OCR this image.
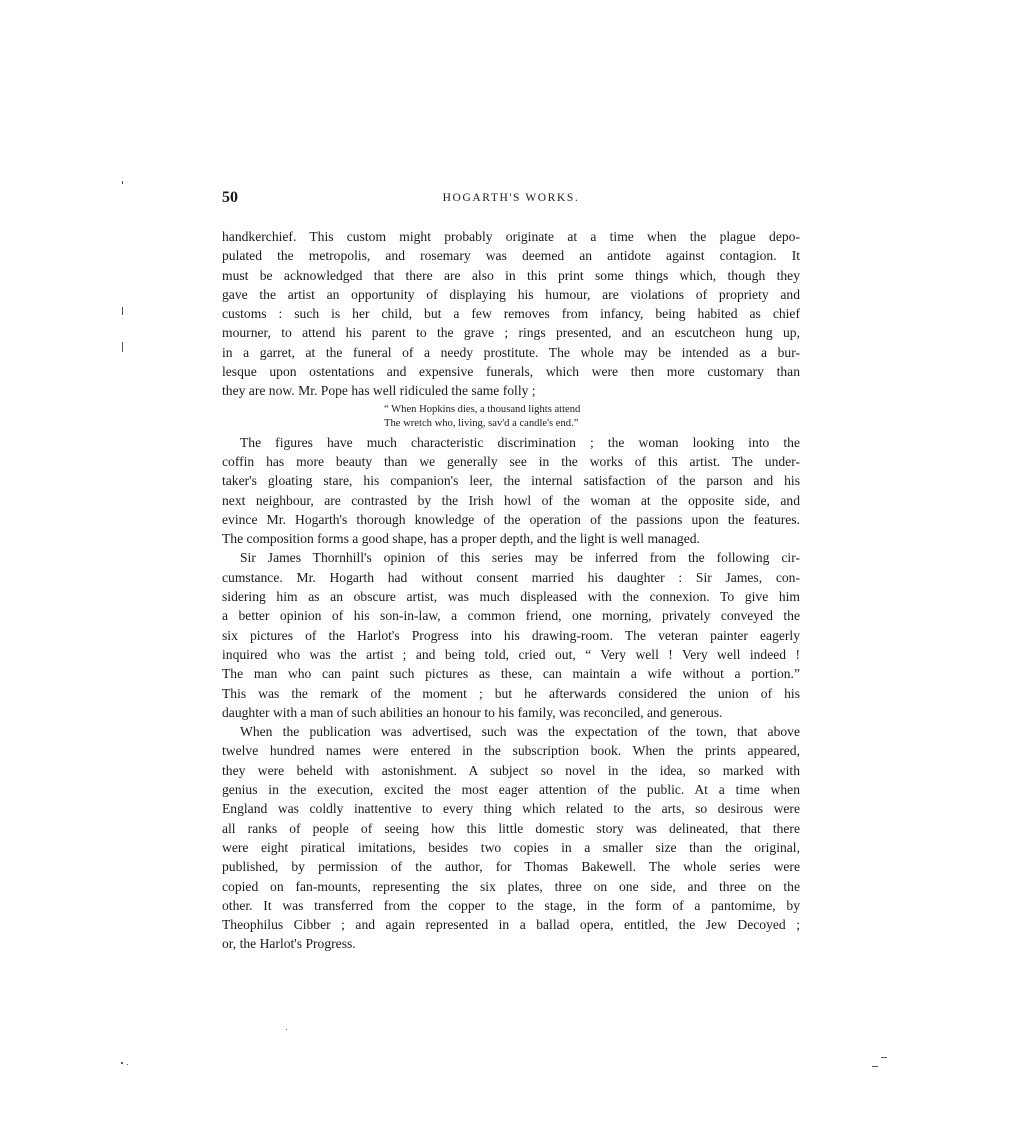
50	HOGARTH'S WORKS.
handkerchief. This custom might probably originate at a time when the plague depo-
pulated the metropolis, and rosemary was deemed an antidote against contagion. It
must be acknowledged that there are also in this print some things which, though they
gave the artist an opportunity of displaying his humour, are violations of propriety and
customs : such is her child, but a few removes from infancy, being habited as chief
mourner, to attend his parent to the grave ; rings presented, and an escutcheon hung up,
in a garret, at the funeral of a needy prostitute. The whole may be intended as a bur-
lesque upon ostentations and expensive funerals, which were then more customary than
they are now. Mr. Pope has well ridiculed the same folly ;
“ When Hopkins dies, a thousand lights attend
The wretch who, living, sav'd a candle's end.”
The figures have much characteristic discrimination ; the woman looking into the
coffin has more beauty than we generally see in the works of this artist. The under-
taker's gloating stare, his companion's leer, the internal satisfaction of the parson and his
next neighbour, are contrasted by the Irish howl of the woman at the opposite side, and
evince Mr. Hogarth's thorough knowledge of the operation of the passions upon the features.
The composition forms a good shape, has a proper depth, and the light is well managed.
Sir James Thornhill's opinion of this series may be inferred from the following cir-
cumstance. Mr. Hogarth had without consent married his daughter : Sir James, con-
sidering him as an obscure artist, was much displeased with the connexion. To give him
a better opinion of his son-in-law, a common friend, one morning, privately conveyed the
six pictures of the Harlot's Progress into his drawing-room. The veteran painter eagerly
inquired who was the artist ; and being told, cried out, “ Very well ! Very well indeed !
The man who can paint such pictures as these, can maintain a wife without a portion.”
This was the remark of the moment ; but he afterwards considered the union of his
daughter with a man of such abilities an honour to his family, was reconciled, and generous.
When the publication was advertised, such was the expectation of the town, that above
twelve hundred names were entered in the subscription book. When the prints appeared,
they were beheld with astonishment. A subject so novel in the idea, so marked with
genius in the execution, excited the most eager attention of the public. At a time when
England was coldly inattentive to every thing which related to the arts, so desirous were
all ranks of people of seeing how this little domestic story was delineated, that there
were eight piratical imitations, besides two copies in a smaller size than the original,
published, by permission of the author, for Thomas Bakewell. The whole series were
copied on fan-mounts, representing the six plates, three on one side, and three on the
other. It was transferred from the copper to the stage, in the form of a pantomime, by
Theophilus Cibber ; and again represented in a ballad opera, entitled, the Jew Decoyed ;
or, the Harlot's Progress.
